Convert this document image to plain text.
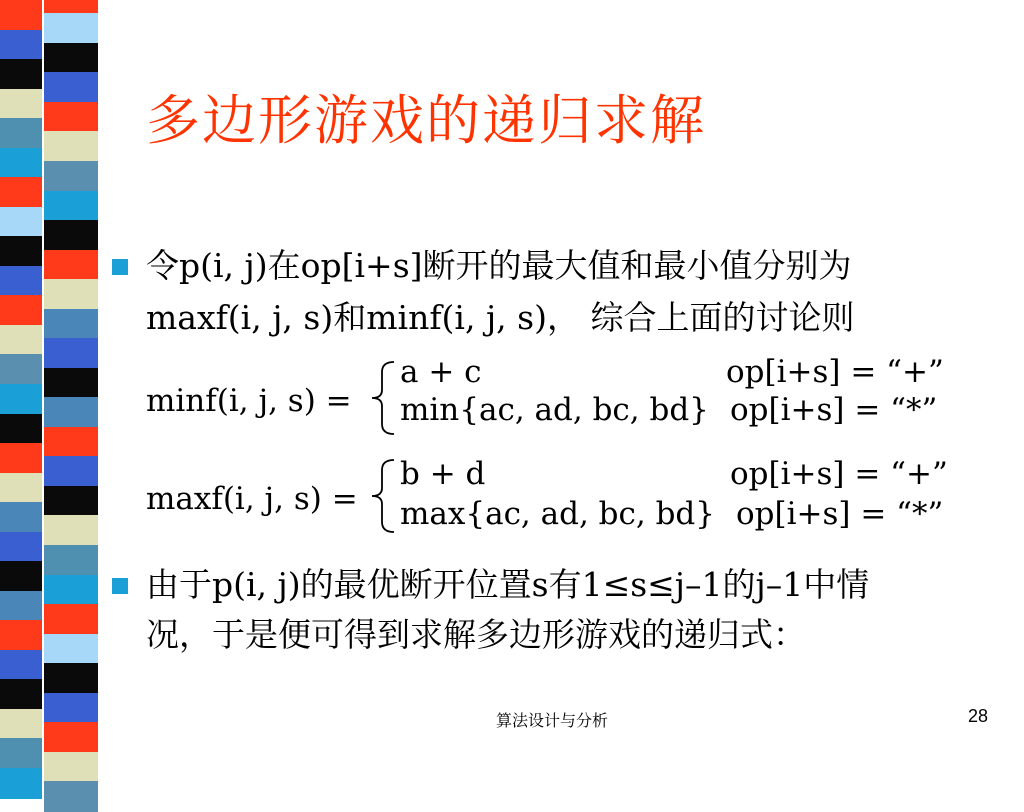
多边形游戏的递归求解
令p(i, j)在op[i+s]断开的最大值和最小值分别为
maxf(i, j, s)和minf(i, j, s)， 综合上面的讨论则
minf(i, j, s) =
a + c	op[i+s] = “+”
min{ac, ad, bc, bd} op[i+s] = “*”
maxf(i, j, s) =
b + d	op[i+s] = “+”
max{ac, ad, bc, bd} op[i+s] = “*”
由于p(i, j)的最优断开位置s有1≤s≤j–1的j–1中情
况，于是便可得到求解多边形游戏的递归式：
算法设计与分析	28
